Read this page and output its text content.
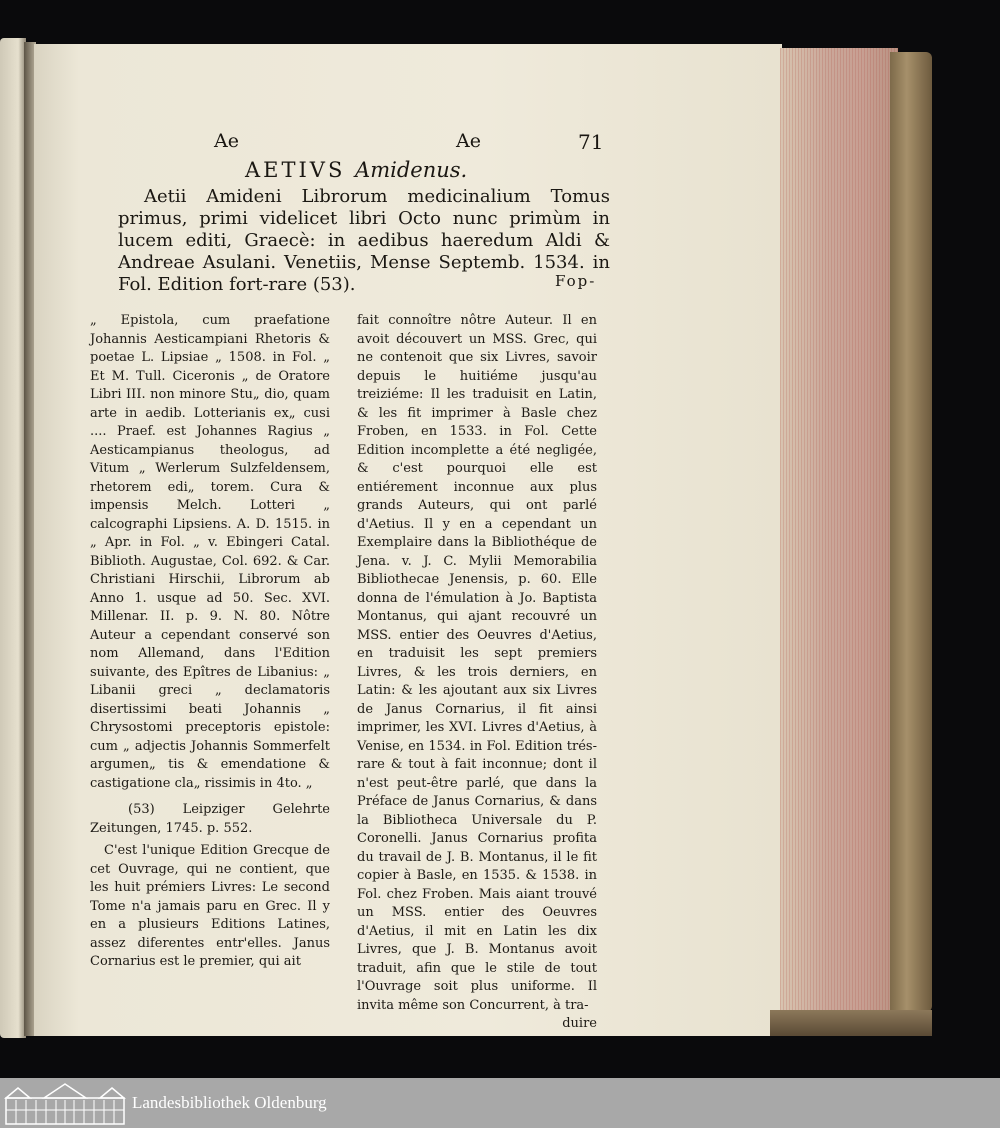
Ae	Ae	71
AETIVS Amidenus.

Aetii Amideni Librorum medicinalium Tomus primus, primi videlicet libri Octo nunc primùm in lucem editi, Graecè: in aedibus haeredum Aldi & Andreae Asulani. Venetiis, Mense Septemb. 1534. in Fol. Edition fort-rare (53).	Fop-

„ Epistola, cum praefatione Johannis Aesticampiani Rhetoris & poetae L. Lipsiae „ 1508. in Fol. „ Et M. Tull. Ciceronis „ de Oratore Libri III. non minore Stu„ dio, quam arte in aedib. Lotterianis ex„ cusi .... Praef. est Johannes Ragius „ Aesticampianus theologus, ad Vitum „ Werlerum Sulzfeldensem, rhetorem edi„ torem. Cura & impensis Melch. Lotteri „ calcographi Lipsiens. A. D. 1515. in „ Apr. in Fol. „ v. Ebingeri Catal. Biblioth. Augustae, Col. 692. & Car. Christiani Hirschii, Librorum ab Anno 1. usque ad 50. Sec. XVI. Millenar. II. p. 9. N. 80. Nôtre Auteur a cependant conservé son nom Allemand, dans l'Edition suivante, des Epîtres de Libanius: „ Libanii greci „ declamatoris disertissimi beati Johannis „ Chrysostomi preceptoris epistole: cum „ adjectis Johannis Sommerfelt argumen„ tis & emendatione & castigatione cla„ rissimis in 4to. „

(53) Leipziger Gelehrte Zeitungen, 1745. p. 552.

C'est l'unique Edition Grecque de cet Ouvrage, qui ne contient, que les huit prémiers Livres: Le second Tome n'a jamais paru en Grec. Il y en a plusieurs Editions Latines, assez diferentes entr'elles. Janus Cornarius est le premier, qui ait

fait connoître nôtre Auteur. Il en avoit découvert un MSS. Grec, qui ne contenoit que six Livres, savoir depuis le huitiéme jusqu'au treiziéme: Il les traduisit en Latin, & les fit imprimer à Basle chez Froben, en 1533. in Fol. Cette Edition incomplette a été negligée, & c'est pourquoi elle est entiérement inconnue aux plus grands Auteurs, qui ont parlé d'Aetius. Il y en a cependant un Exemplaire dans la Bibliothéque de Jena. v. J. C. Mylii Memorabilia Bibliothecae Jenensis, p. 60. Elle donna de l'émulation à Jo. Baptista Montanus, qui ajant recouvré un MSS. entier des Oeuvres d'Aetius, en traduisit les sept premiers Livres, & les trois derniers, en Latin: & les ajoutant aux six Livres de Janus Cornarius, il fit ainsi imprimer, les XVI. Livres d'Aetius, à Venise, en 1534. in Fol. Edition trés-rare & tout à fait inconnue; dont il n'est peut-être parlé, que dans la Préface de Janus Cornarius, & dans la Bibliotheca Universale du P. Coronelli. Janus Cornarius profita du travail de J. B. Montanus, il le fit copier à Basle, en 1535. & 1538. in Fol. chez Froben. Mais aiant trouvé un MSS. entier des Oeuvres d'Aetius, il mit en Latin les dix Livres, que J. B. Montanus avoit traduit, afin que le stile de tout l'Ouvrage soit plus uniforme. Il invita même son Concurrent, à tra-

duire

Landesbibliothek Oldenburg
